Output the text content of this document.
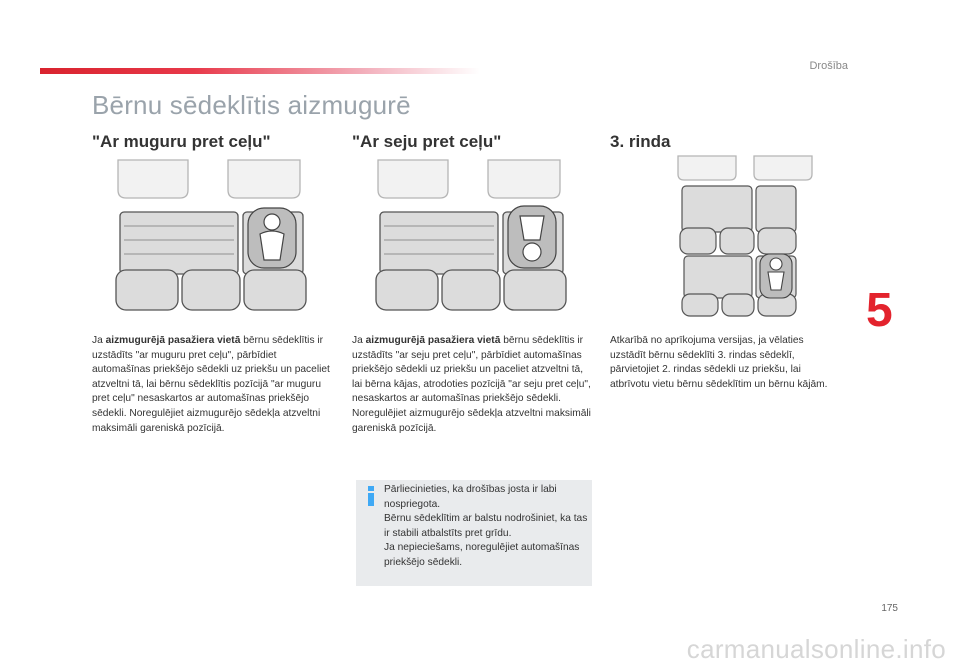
Drošība
Bērnu sēdeklītis aizmugurē
"Ar muguru pret ceļu"	"Ar seju pret ceļu"	3. rinda
Ja aizmugurējā pasažiera vietā bērnu sēdeklītis ir uzstādīts "ar muguru pret ceļu", pārbīdiet automašīnas priekšējo sēdekli uz priekšu un paceliet atzveltni tā, lai bērnu sēdeklītis pozīcijā "ar muguru pret ceļu" nesaskartos ar automašīnas priekšējo sēdekli. Noregulējiet aizmugurējo sēdekļa atzveltni maksimāli gareniskā pozīcijā.
Ja aizmugurējā pasažiera vietā bērnu sēdeklītis ir uzstādīts "ar seju pret ceļu", pārbīdiet automašīnas priekšējo sēdekli uz priekšu un paceliet atzveltni tā, lai bērna kājas, atrodoties pozīcijā "ar seju pret ceļu", nesaskartos ar automašīnas priekšējo sēdekli. Noregulējiet aizmugurējo sēdekļa atzveltni maksimāli gareniskā pozīcijā.
Atkarībā no aprīkojuma versijas, ja vēlaties uzstādīt bērnu sēdeklīti 3. rindas sēdeklī, pārvietojiet 2. rindas sēdekli uz priekšu, lai atbrīvotu vietu bērnu sēdeklītim un bērnu kājām.
5
Pārliecinieties, ka drošības josta ir labi nospriegota.
Bērnu sēdeklītim ar balstu nodrošiniet, ka tas ir stabili atbalstīts pret grīdu.
Ja nepieciešams, noregulējiet automašīnas priekšējo sēdekli.
175
carmanualsonline.info
